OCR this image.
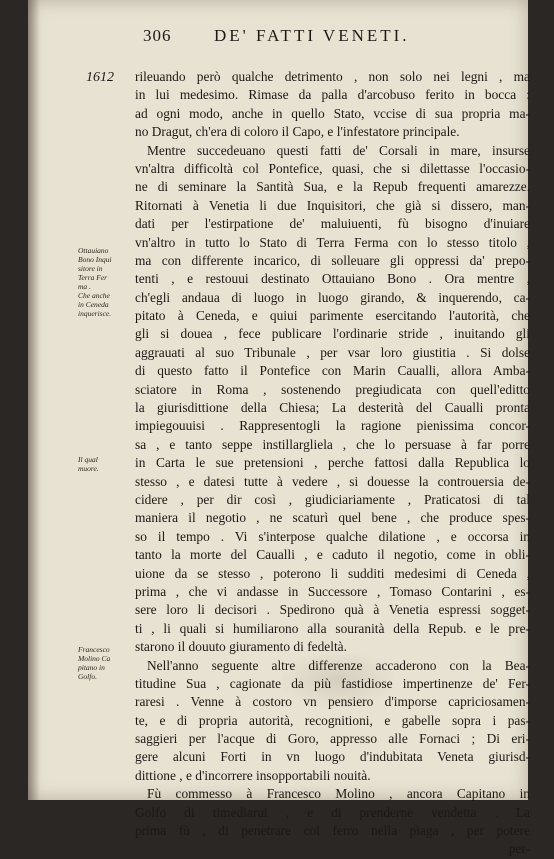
306	DE' FATTI VENETI.
1612
Ottauiano
Bono Inqui
sitore in
Terra Fer
ma .
Che anche
in Ceneda
inquerisce.
Il qual
muore.
Francesco
Molino Ca
pitano in
Golfo.
rileuando però qualche detrimento , non solo nei legni , ma
in lui medesimo. Rimase da palla d'arcobuso ferito in bocca :
ad ogni modo, anche in quello Stato, vccise di sua propria ma-
no Dragut, ch'era di coloro il Capo, e l'infestatore principale.
Mentre succedeuano questi fatti de' Corsali in mare, insurse
vn'altra difficoltà col Pontefice, quasi, che si dilettasse l'occasio-
ne di seminare la Santità Sua, e la Repub frequenti amarezze.
Ritornati à Venetia li due Inquisitori, che già si dissero, man-
dati per l'estirpatione de' maluiuenti, fù bisogno d'inuiare
vn'altro in tutto lo Stato di Terra Ferma con lo stesso titolo ,
ma con differente incarico, di solleuare gli oppressi da' prepo-
tenti , e restouui destinato Ottauiano Bono . Ora mentre ,
ch'egli andaua di luogo in luogo girando, & inquerendo, ca-
pitato à Ceneda, e quiui parimente esercitando l'autorità, che
gli si douea , fece publicare l'ordinarie stride , inuitando gli
aggrauati al suo Tribunale , per vsar loro giustitia . Si dolse
di questo fatto il Pontefice con Marin Caualli, allora Amba-
sciatore in Roma , sostenendo pregiudicata con quell'editto
la giurisdittione della Chiesa; La desterità del Caualli pronta
impiegouuisi . Rappresentogli la ragione pienissima concor-
sa , e tanto seppe instillargliela , che lo persuase à far porre
in Carta le sue pretensioni , perche fattosi dalla Republica lo
stesso , e datesi tutte à vedere , si douesse la controuersia de-
cidere , per dir così , giudiciariamente , Praticatosi di tal
maniera il negotio , ne scaturì quel bene , che produce spes-
so il tempo . Vi s'interpose qualche dilatione , e occorsa in
tanto la morte del Caualli , e caduto il negotio, come in obli-
uione da se stesso , poterono li sudditi medesimi di Ceneda ,
prima , che vi andasse in Successore , Tomaso Contarini , es-
sere loro li decisori . Spedirono quà à Venetia espressi sogget-
ti , li quali si humiliarono alla souranità della Repub. e le pre-
starono il douuto giuramento di fedeltà.
Nell'anno seguente altre differenze accaderono con la Bea-
titudine Sua , cagionate da più fastidiose impertinenze de' Fer-
raresi . Venne à costoro vn pensiero d'imporse capriciosamen-
te, e di propria autorità, recognitioni, e gabelle sopra i pas-
saggieri per l'acque di Goro, appresso alle Fornaci ; Di eri-
gere alcuni Forti in vn luogo d'indubitata Veneta giurisd-
dittione , e d'incorrere insopportabili nouità.
Fù commesso à Francesco Molino , ancora Capitano in
Golfo di timediarui , e di prenderne vendetta . La
prima fù , di penetrare col ferro nella piaga , per potere
per-
